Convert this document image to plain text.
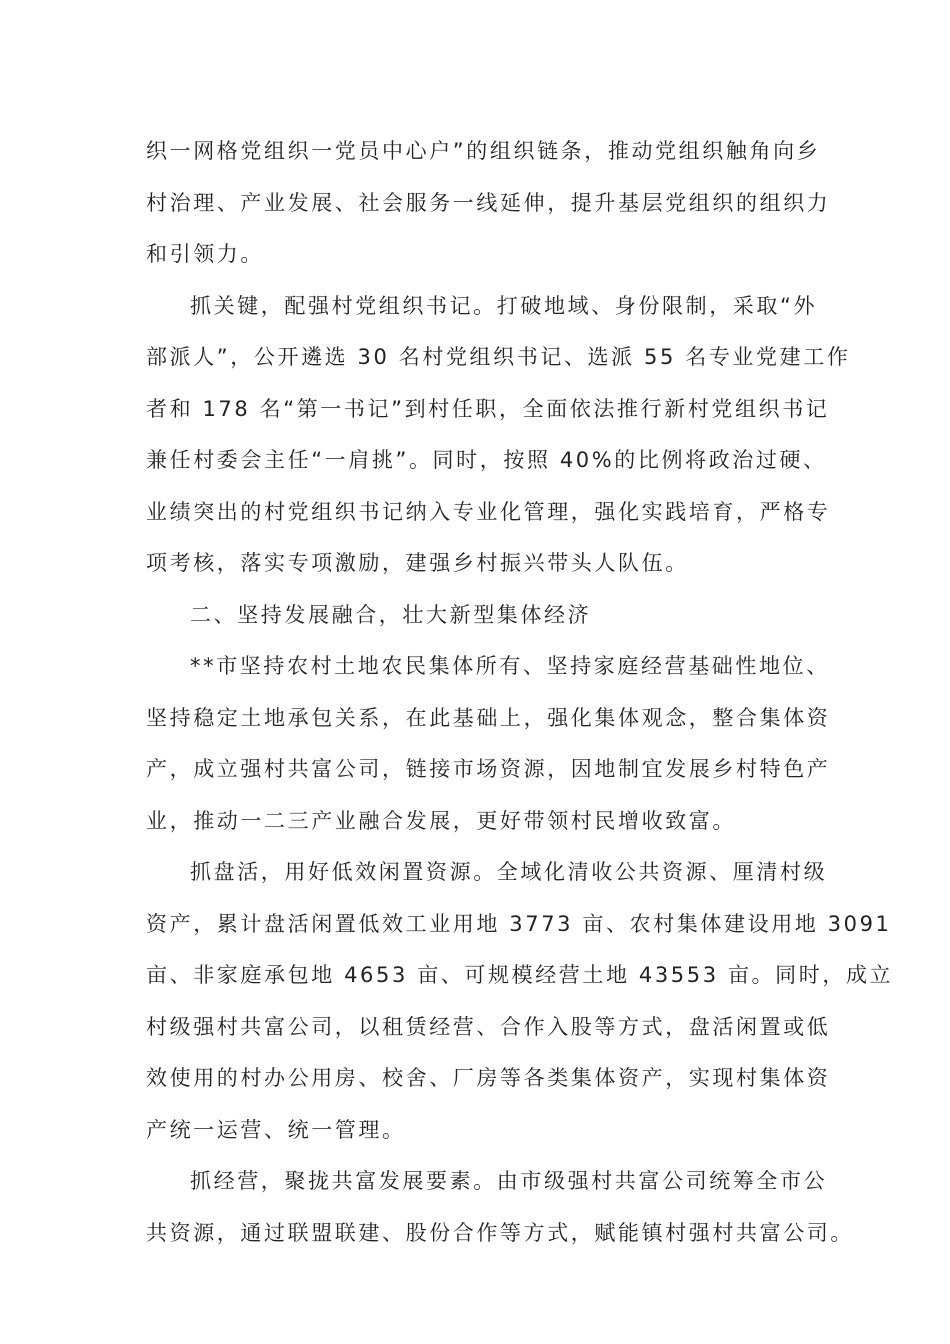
织一网格党组织一党员中心户”的组织链条，推动党组织触角向乡
村治理、产业发展、社会服务一线延伸，提升基层党组织的组织力
和引领力。
抓关键，配强村党组织书记。打破地域、身份限制，采取“外
部派人”，公开遴选 30 名村党组织书记、选派 55 名专业党建工作
者和 178 名“第一书记”到村任职，全面依法推行新村党组织书记
兼任村委会主任“一肩挑”。同时，按照 40%的比例将政治过硬、
业绩突出的村党组织书记纳入专业化管理，强化实践培育，严格专
项考核，落实专项激励，建强乡村振兴带头人队伍。
二、坚持发展融合，壮大新型集体经济
**市坚持农村土地农民集体所有、坚持家庭经营基础性地位、
坚持稳定土地承包关系，在此基础上，强化集体观念，整合集体资
产，成立强村共富公司，链接市场资源，因地制宜发展乡村特色产
业，推动一二三产业融合发展，更好带领村民增收致富。
抓盘活，用好低效闲置资源。全域化清收公共资源、厘清村级
资产，累计盘活闲置低效工业用地 3773 亩、农村集体建设用地 3091
亩、非家庭承包地 4653 亩、可规模经营土地 43553 亩。同时，成立
村级强村共富公司，以租赁经营、合作入股等方式，盘活闲置或低
效使用的村办公用房、校舍、厂房等各类集体资产，实现村集体资
产统一运营、统一管理。
抓经营，聚拢共富发展要素。由市级强村共富公司统筹全市公
共资源，通过联盟联建、股份合作等方式，赋能镇村强村共富公司。
